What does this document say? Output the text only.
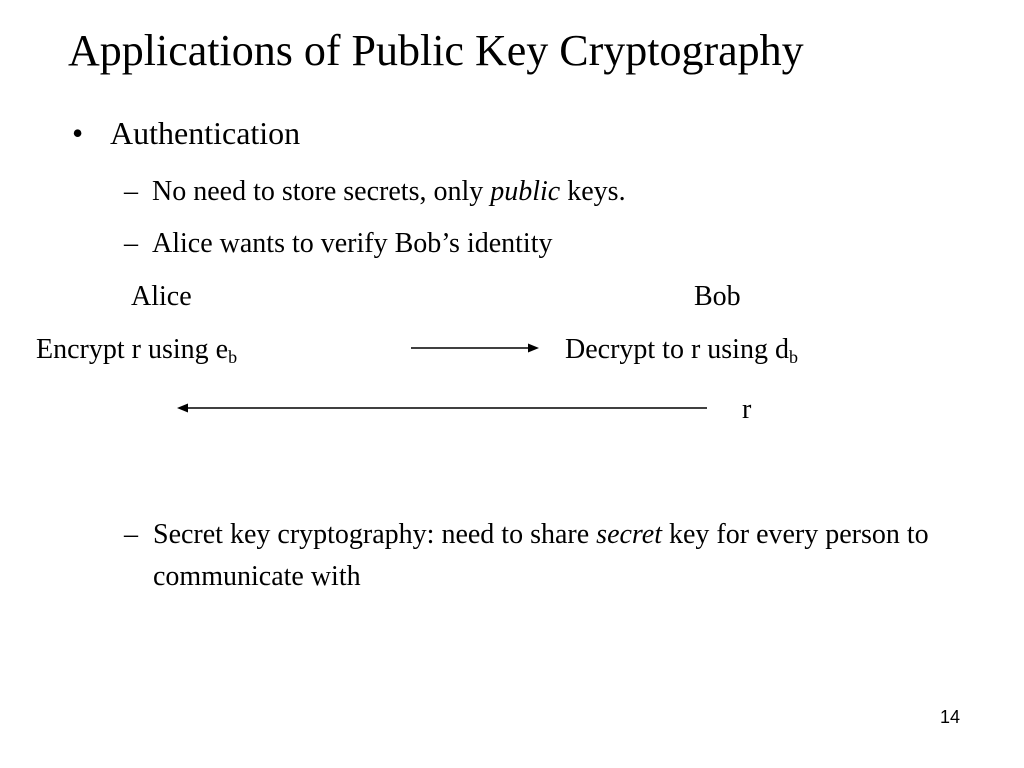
Applications of Public Key Cryptography
• Authentication
– No need to store secrets, only public keys.
– Alice wants to verify Bob’s identity
Alice	Bob
Encrypt r using $e_b$	Decrypt to r using $d_b$
r
– Secret key cryptography: need to share secret key for every person to communicate with
14
